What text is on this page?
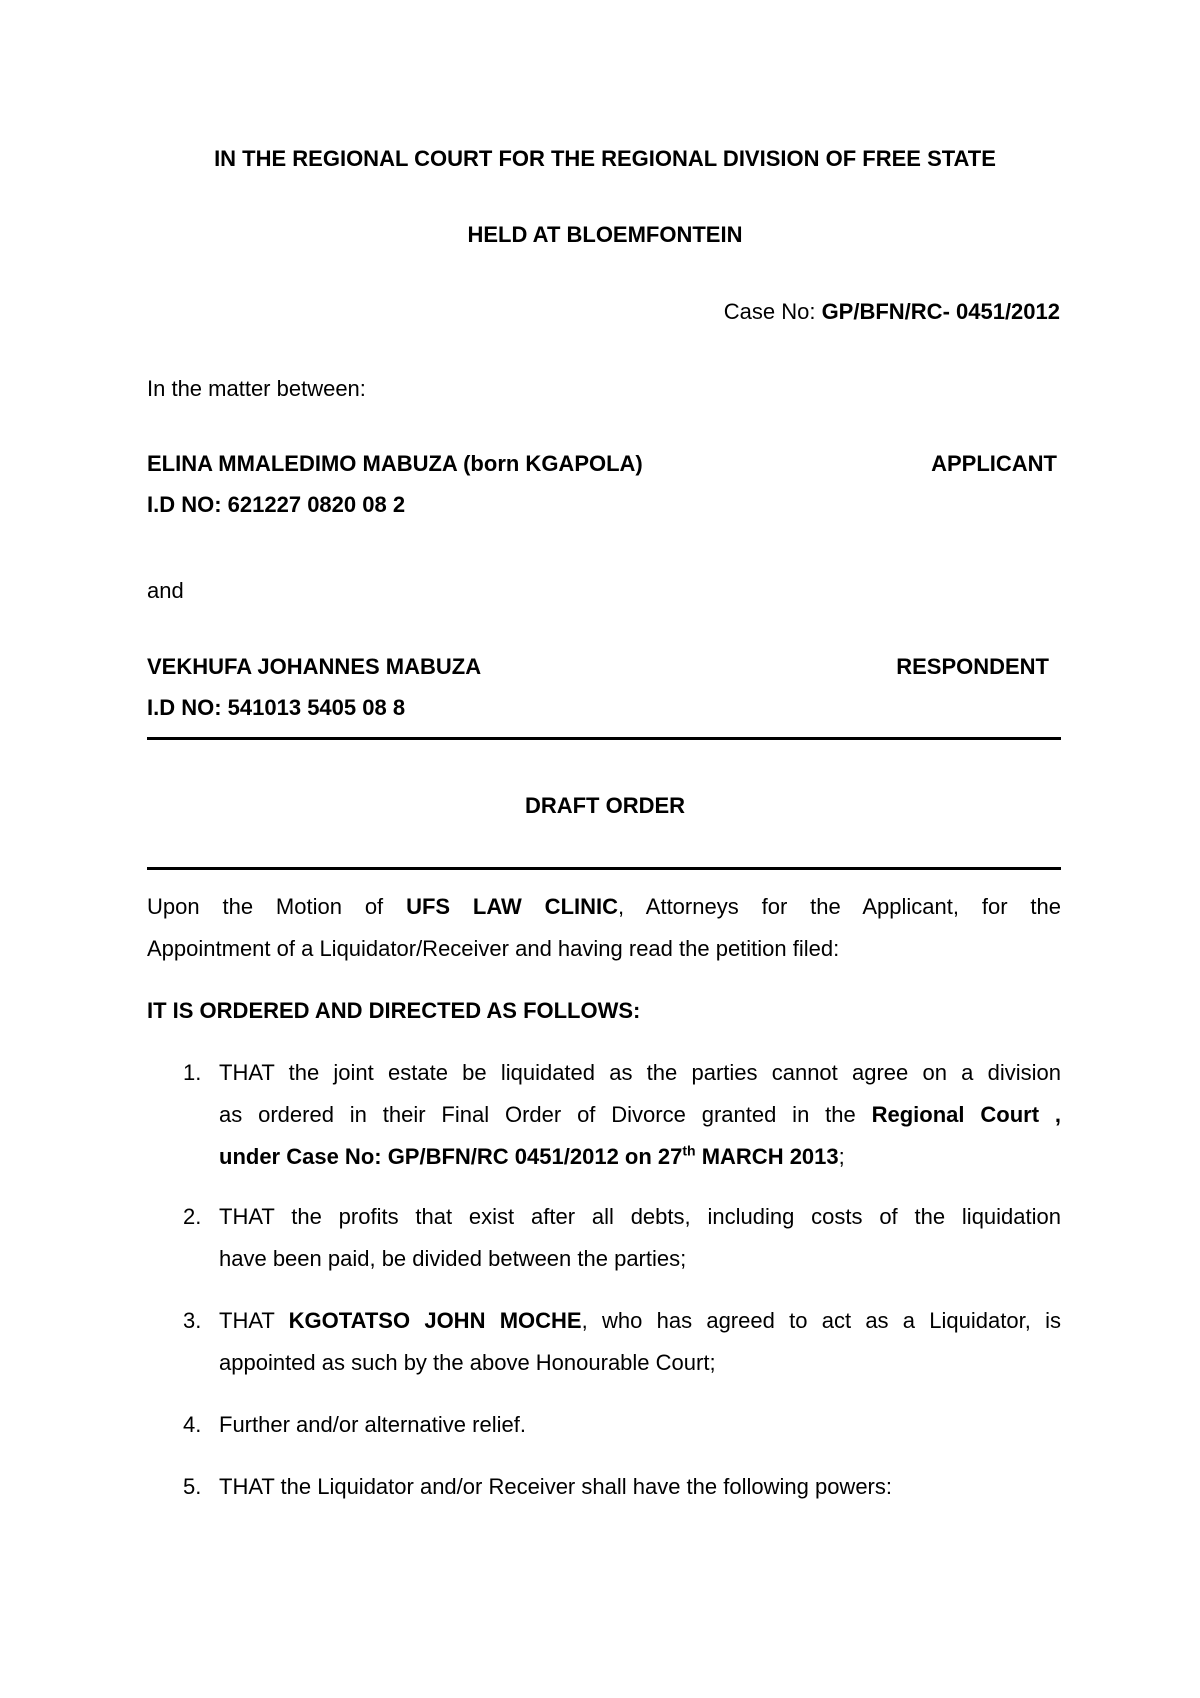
IN THE REGIONAL COURT FOR THE REGIONAL DIVISION OF FREE STATE
HELD AT BLOEMFONTEIN
Case No: GP/BFN/RC- 0451/2012
In the matter between:
ELINA MMALEDIMO MABUZA (born KGAPOLA)	APPLICANT
I.D NO: 621227 0820 08 2
and
VEKHUFA JOHANNES MABUZA	RESPONDENT
I.D NO: 541013 5405 08 8
DRAFT ORDER
Upon the Motion of UFS LAW CLINIC, Attorneys for the Applicant, for the
Appointment of a Liquidator/Receiver and having read the petition filed:
IT IS ORDERED AND DIRECTED AS FOLLOWS:
1. THAT the joint estate be liquidated as the parties cannot agree on a division
as ordered in their Final Order of Divorce granted in the Regional Court ,
under Case No: GP/BFN/RC 0451/2012 on 27th MARCH 2013;
2. THAT the profits that exist after all debts, including costs of the liquidation
have been paid, be divided between the parties;
3. THAT KGOTATSO JOHN MOCHE, who has agreed to act as a Liquidator, is
appointed as such by the above Honourable Court;
4. Further and/or alternative relief.
5. THAT the Liquidator and/or Receiver shall have the following powers:
